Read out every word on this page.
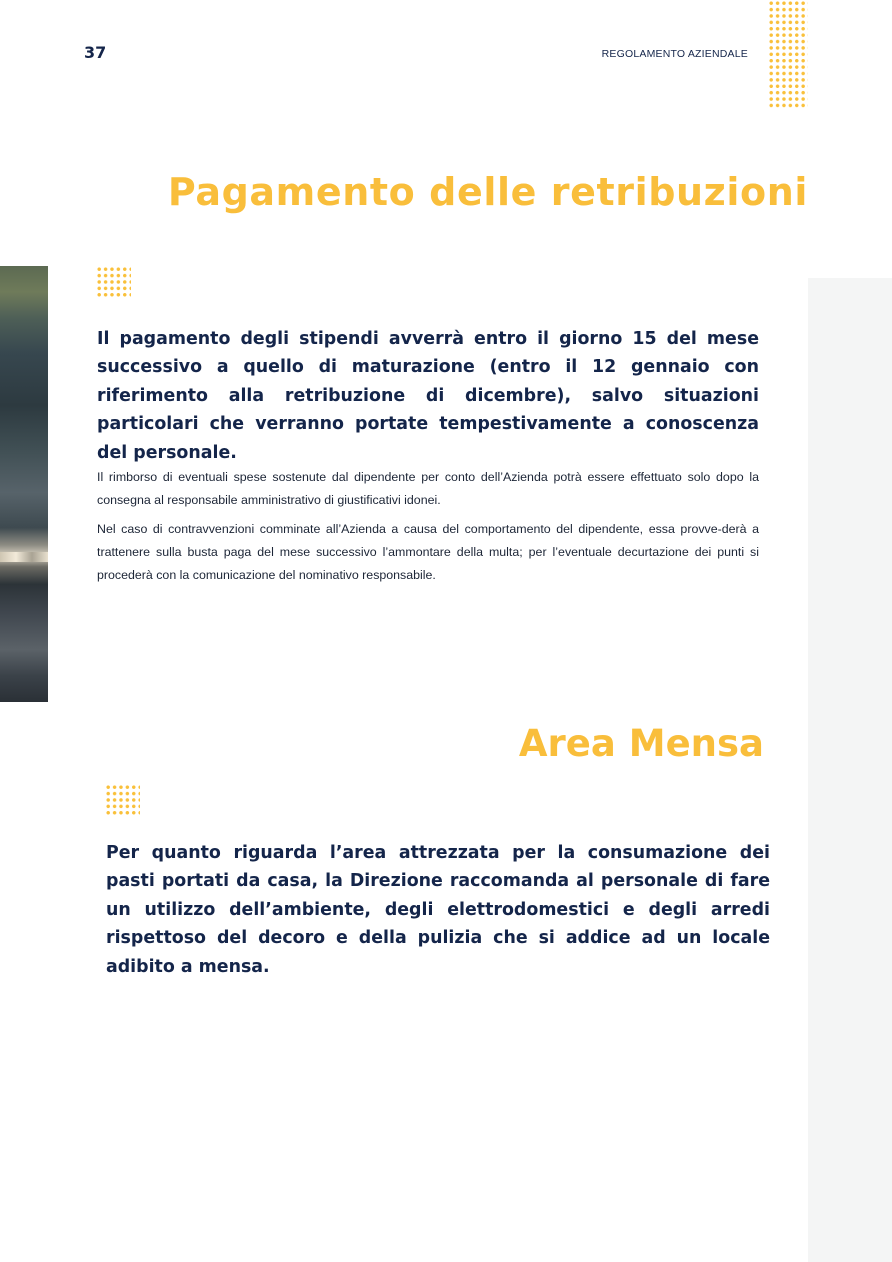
37	REGOLAMENTO AZIENDALE
Pagamento delle retribuzioni

Il pagamento degli stipendi avverrà entro il giorno 15 del mese successivo a quello di maturazione (entro il 12 gennaio con riferimento alla retribuzione di dicembre), salvo situazioni particolari che verranno portate tempestivamente a conoscenza del personale.

Il rimborso di eventuali spese sostenute dal dipendente per conto dell’Azienda potrà essere effettuato solo dopo la consegna al responsabile amministrativo di giustificativi idonei.

Nel caso di contravvenzioni comminate all’Azienda a causa del comportamento del dipendente, essa provve-derà a trattenere sulla busta paga del mese successivo l’ammontare della multa; per l’eventuale decurtazione dei punti si procederà con la comunicazione del nominativo responsabile.

Area Mensa

Per quanto riguarda l’area attrezzata per la consumazione dei pasti portati da casa, la Direzione raccomanda al personale di fare un utilizzo dell’ambiente, degli elettrodomestici e degli arredi rispettoso del decoro e della pulizia che si addice ad un locale adibito a mensa.
